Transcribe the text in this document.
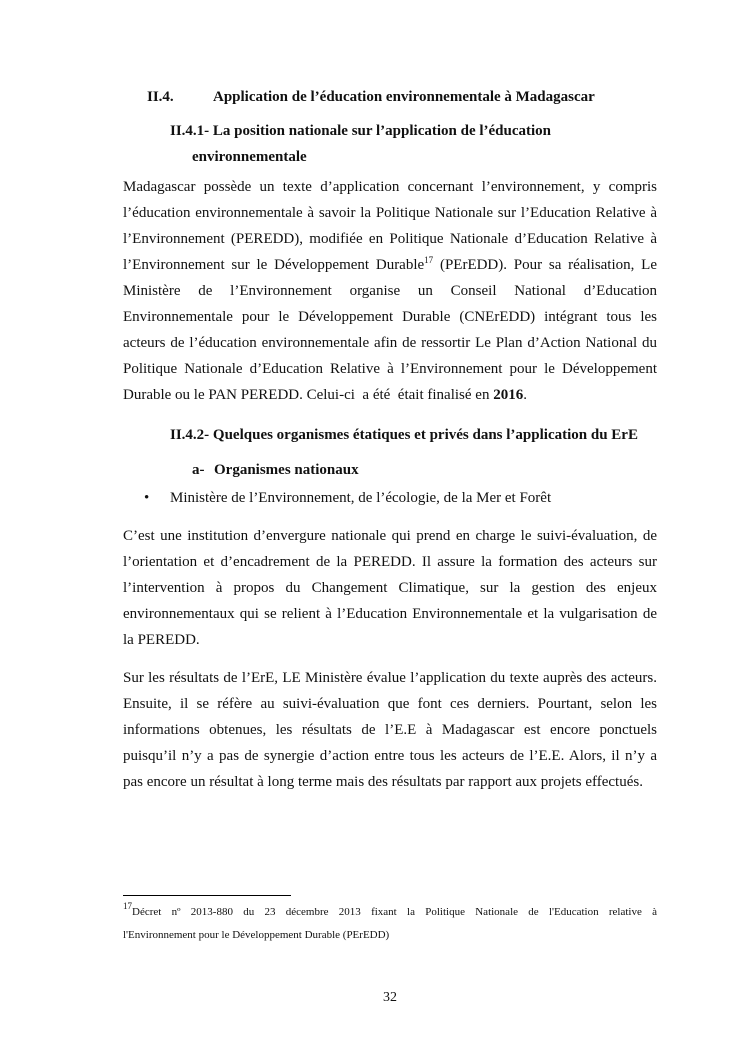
II.4.	Application de l’éducation environnementale à Madagascar
II.4.1- La position nationale sur l’application de l’éducation
environnementale
Madagascar possède un texte d’application concernant l’environnement, y compris
l’éducation environnementale à savoir la Politique Nationale sur l’Education Relative à
l’Environnement (PEREDD), modifiée en Politique Nationale d’Education Relative à
l’Environnement sur le Développement Durable$^{17}$ (PErEDD). Pour sa réalisation, Le
Ministère de l’Environnement organise un Conseil National d’Education
Environnementale pour le Développement Durable (CNErEDD) intégrant tous les
acteurs de l’éducation environnementale afin de ressortir Le Plan d’Action National du
Politique Nationale d’Education Relative à l’Environnement pour le Développement
Durable ou le PAN PEREDD. Celui-ci  a été  était finalisé en 2016.
II.4.2- Quelques organismes étatiques et privés dans l’application du ErE
a- Organismes nationaux
• Ministère de l’Environnement, de l’écologie, de la Mer et Forêt
C’est une institution d’envergure nationale qui prend en charge le suivi-évaluation, de
l’orientation et d’encadrement de la PEREDD. Il assure la formation des acteurs sur
l’intervention à propos du Changement Climatique, sur la gestion des enjeux
environnementaux qui se relient à l’Education Environnementale et la vulgarisation de
la PEREDD.
Sur les résultats de l’ErE, LE Ministère évalue l’application du texte auprès des acteurs.
Ensuite, il se réfère au suivi-évaluation que font ces derniers. Pourtant, selon les
informations obtenues, les résultats de l’E.E à Madagascar est encore ponctuels
puisqu’il n’y a pas de synergie d’action entre tous les acteurs de l’E.E. Alors, il n’y a
pas encore un résultat à long terme mais des résultats par rapport aux projets effectués.
$^{17}$Décret nº 2013-880 du 23 décembre 2013 fixant la Politique Nationale de l'Education relative à
l'Environnement pour le Développement Durable (PErEDD)
32
